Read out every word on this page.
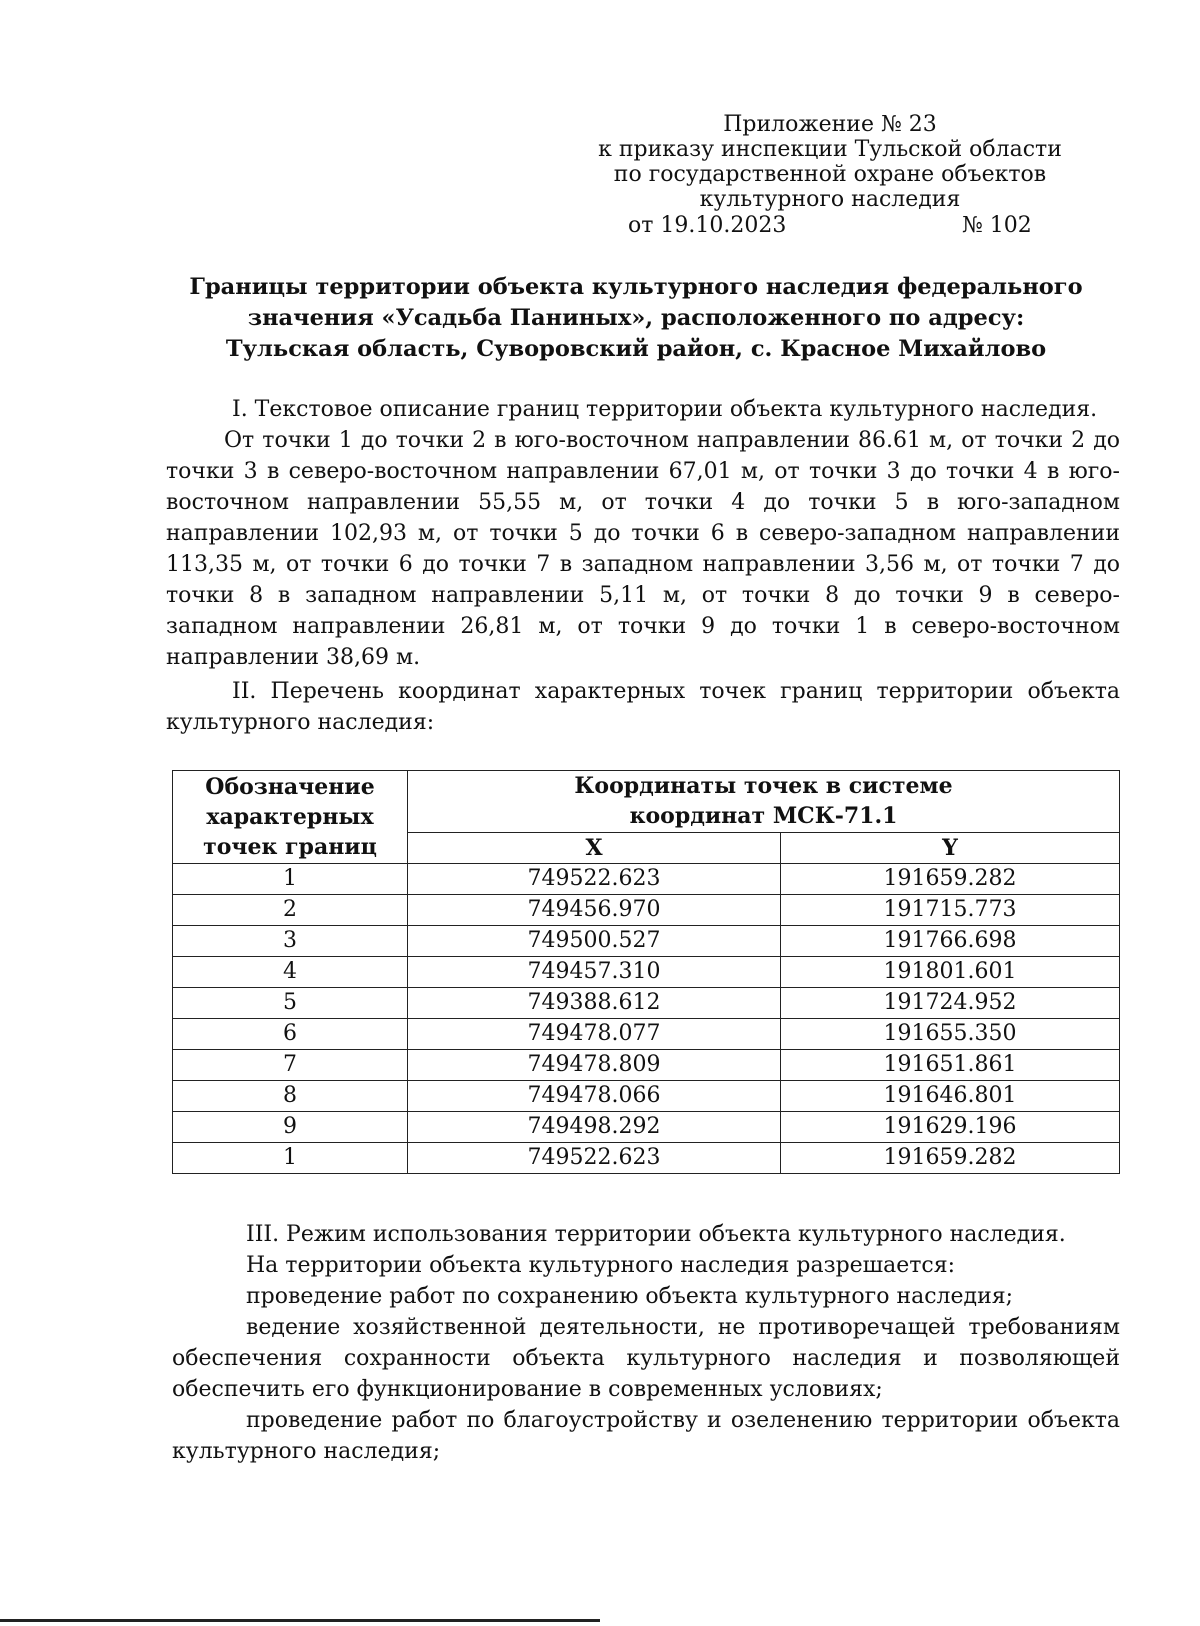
Приложение № 23
к приказу инспекции Тульской области
по государственной охране объектов
культурного наследия
от 19.10.2023	№ 102
Границы территории объекта культурного наследия федерального
значения «Усадьба Паниных», расположенного по адресу:
Тульская область, Суворовский район, с. Красное Михайлово

I. Текстовое описание границ территории объекта культурного наследия.

От точки 1 до точки 2 в юго-восточном направлении 86.61 м, от точки 2 до точки 3 в северо-восточном направлении 67,01 м, от точки 3 до точки 4 в юго-восточном направлении 55,55 м, от точки 4 до точки 5 в юго-западном направлении 102,93 м, от точки 5 до точки 6 в северо-западном направлении 113,35 м, от точки 6 до точки 7 в западном направлении 3,56 м, от точки 7 до точки 8 в западном направлении 5,11 м, от точки 8 до точки 9 в северо-западном направлении 26,81 м, от точки 9 до точки 1 в северо-восточном направлении 38,69 м.

II. Перечень координат характерных точек границ территории объекта культурного наследия:

Обозначение характерных точек границ	Координаты точек в системе координат МСК-71.1	
	X	Y
1	749522.623	191659.282
2	749456.970	191715.773
3	749500.527	191766.698
4	749457.310	191801.601
5	749388.612	191724.952
6	749478.077	191655.350
7	749478.809	191651.861
8	749478.066	191646.801
9	749498.292	191629.196
1	749522.623	191659.282

III. Режим использования территории объекта культурного наследия.

На территории объекта культурного наследия разрешается:

проведение работ по сохранению объекта культурного наследия;

ведение хозяйственной деятельности, не противоречащей требованиям обеспечения сохранности объекта культурного наследия и позволяющей обеспечить его функционирование в современных условиях;

проведение работ по благоустройству и озеленению территории объекта культурного наследия;
